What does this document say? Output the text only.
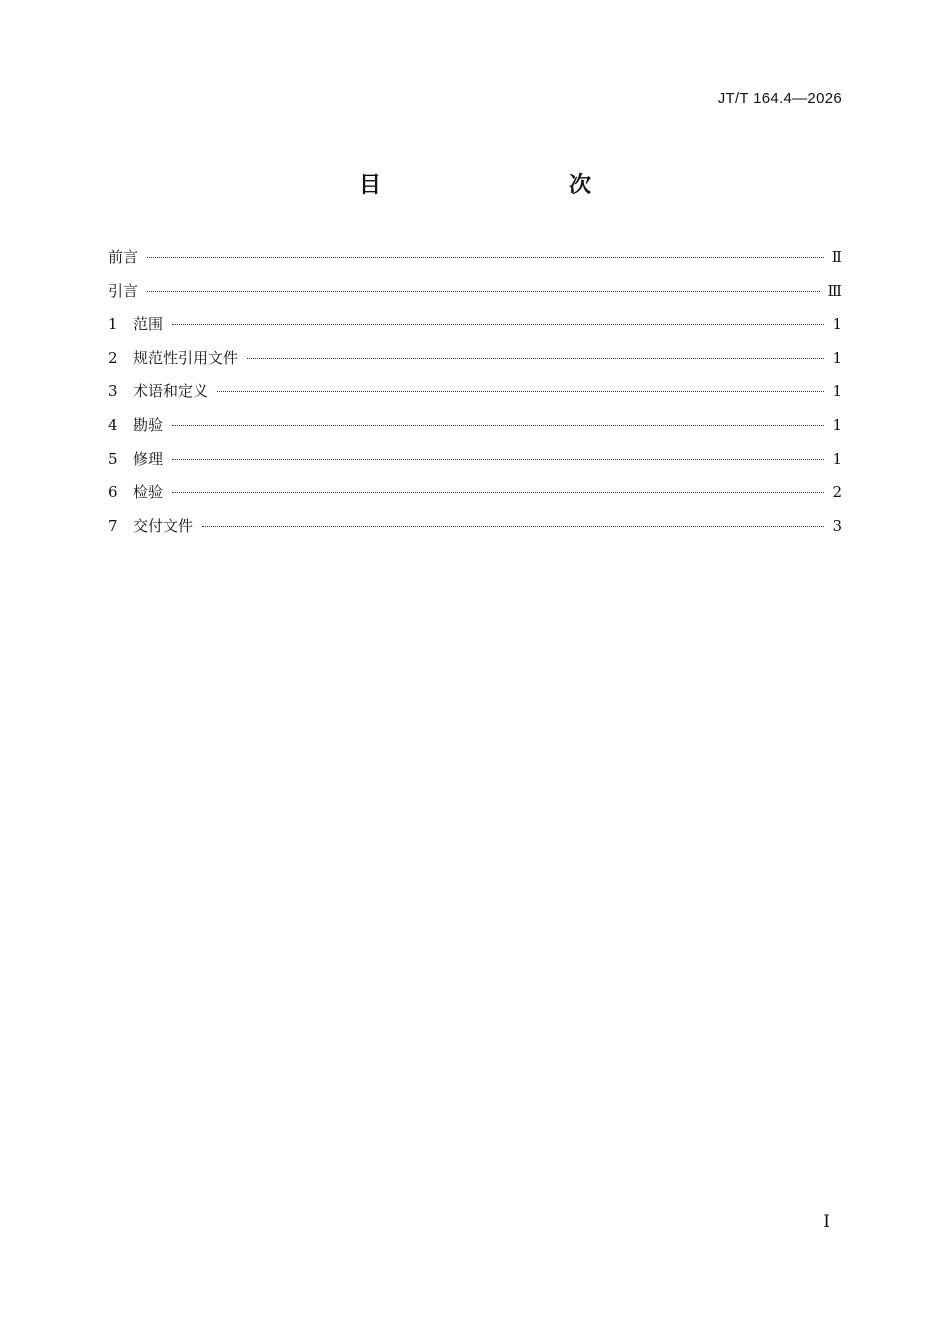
JT/T 164.4—2026
目　　次
前言	Ⅱ
引言	Ⅲ
1	范围	1
2	规范性引用文件	1
3	术语和定义	1
4	勘验	1
5	修理	1
6	检验	2
7	交付文件	3
Ⅰ
